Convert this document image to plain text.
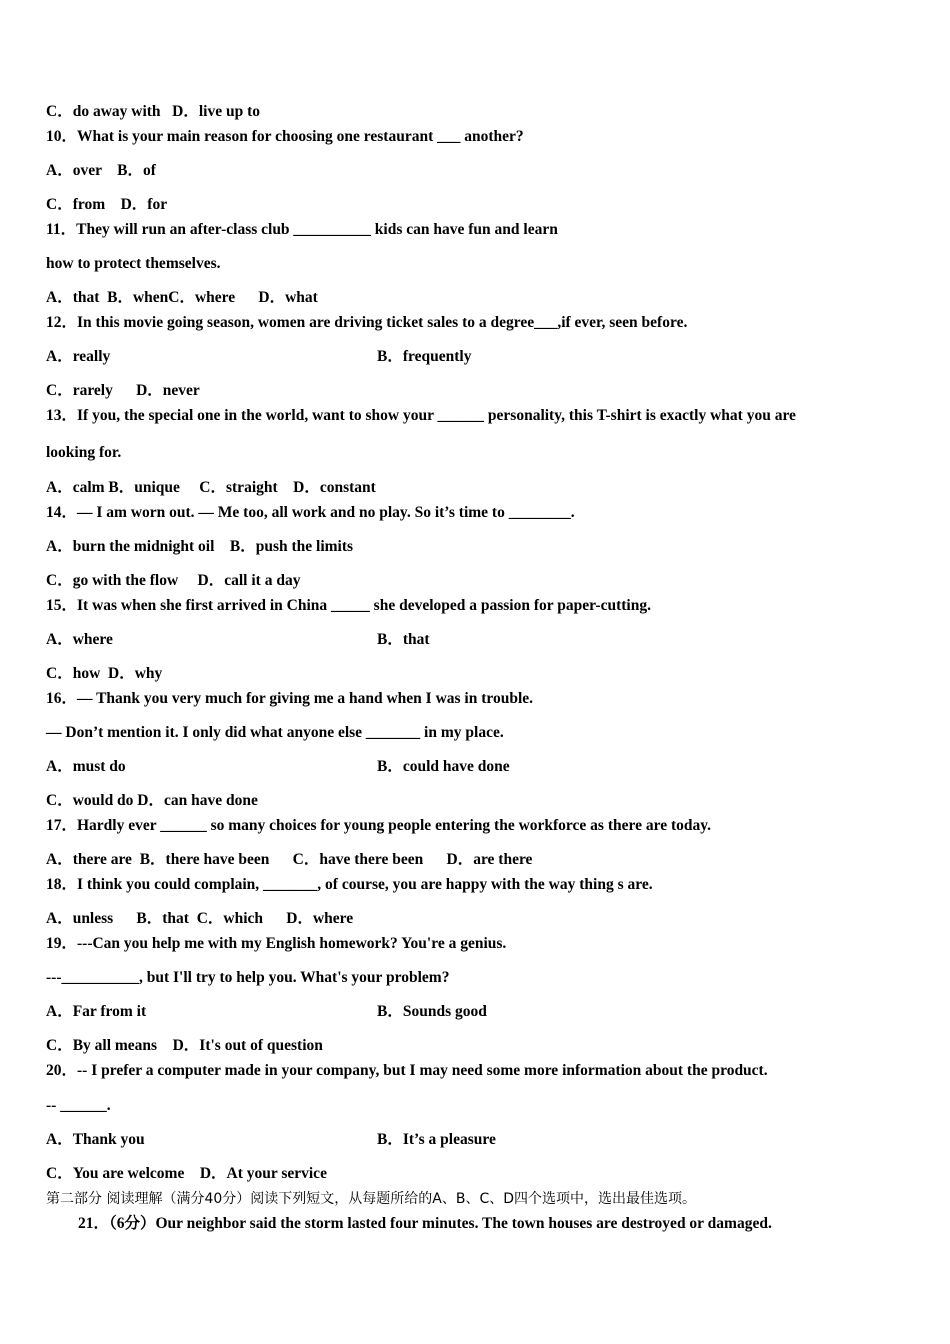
C．do away with   D．live up to
10．What is your main reason for choosing one restaurant ___ another?
A．over    B．of
C．from    D．for
11．They will run an after-class club __________ kids can have fun and learn
how to protect themselves.
A．that  B．whenC．where      D．what
12．In this movie going season, women are driving ticket sales to a degree___,if ever, seen before.
A．really	B．frequently
C．rarely      D．never
13．If you, the special one in the world, want to show your ______ personality, this T-shirt is exactly what you are
looking for.
A．calm B．unique     C．straight    D．constant
14．— I am worn out. — Me too, all work and no play. So it’s time to ________.
A．burn the midnight oil    B．push the limits
C．go with the flow     D．call it a day
15．It was when she first arrived in China _____ she developed a passion for paper-cutting.
A．where	B．that
C．how  D．why
16．— Thank you very much for giving me a hand when I was in trouble.
— Don’t mention it. I only did what anyone else _______ in my place.
A．must do	B．could have done
C．would do D．can have done
17．Hardly ever ______ so many choices for young people entering the workforce as there are today.
A．there are  B．there have been      C．have there been      D．are there
18．I think you could complain, _______, of course, you are happy with the way thing s are.
A．unless      B．that  C．which      D．where
19．---Can you help me with my English homework? You're a genius.
---__________, but I'll try to help you. What's your problem?
A．Far from it	B．Sounds good
C．By all means    D．It's out of question
20．-- I prefer a computer made in your company, but I may need some more information about the product.
-- ______.
A．Thank you	B．It’s a pleasure
C．You are welcome    D．At your service
第二部分 阅读理解（满分40分）阅读下列短文，从每题所给的A、B、C、D四个选项中，选出最佳选项。
21．（6分）Our neighbor said the storm lasted four minutes. The town houses are destroyed or damaged.
